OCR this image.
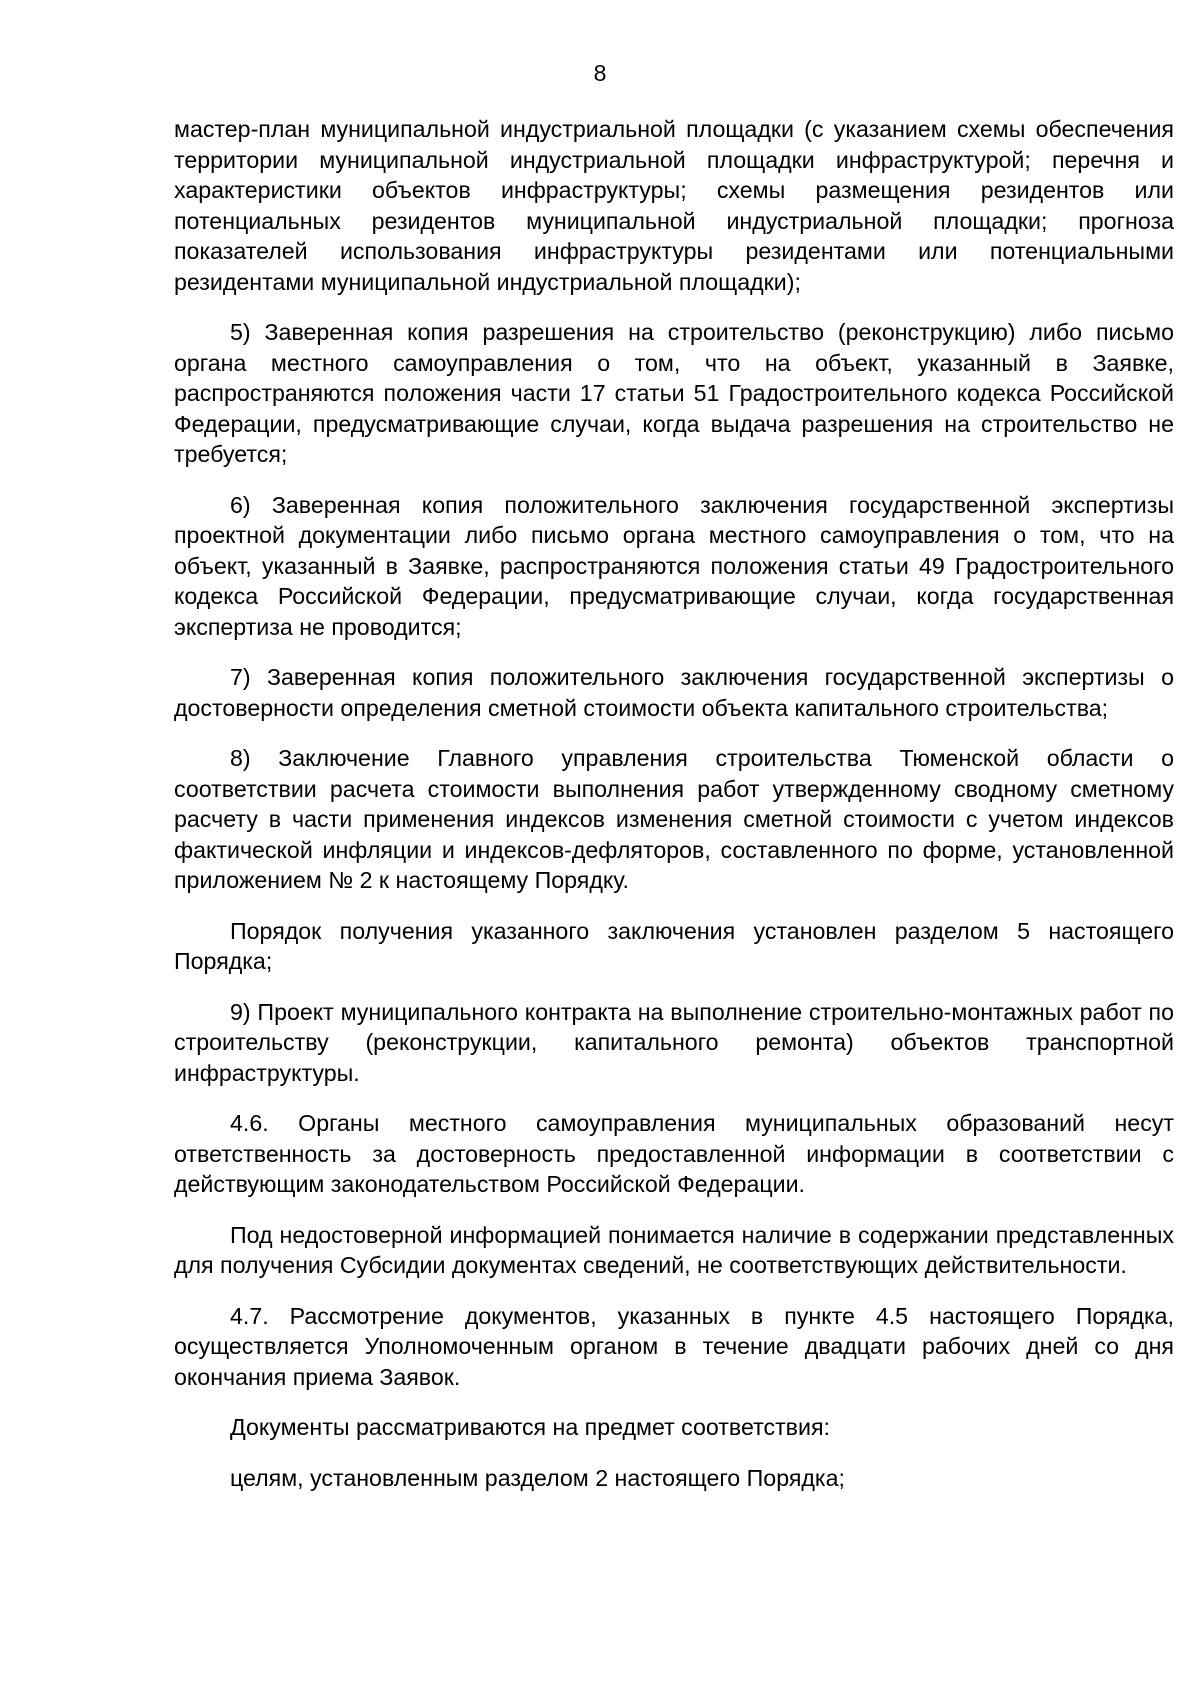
8

мастер-план муниципальной индустриальной площадки (с указанием схемы обеспечения территории муниципальной индустриальной площадки инфраструктурой; перечня и характеристики объектов инфраструктуры; схемы размещения резидентов или потенциальных резидентов муниципальной индустриальной площадки; прогноза показателей использования инфраструктуры резидентами или потенциальными резидентами муниципальной индустриальной площадки);

5) Заверенная копия разрешения на строительство (реконструкцию) либо письмо органа местного самоуправления о том, что на объект, указанный в Заявке, распространяются положения части 17 статьи 51 Градостроительного кодекса Российской Федерации, предусматривающие случаи, когда выдача разрешения на строительство не требуется;

6) Заверенная копия положительного заключения государственной экспертизы проектной документации либо письмо органа местного самоуправления о том, что на объект, указанный в Заявке, распространяются положения статьи 49 Градостроительного кодекса Российской Федерации, предусматривающие случаи, когда государственная экспертиза не проводится;

7) Заверенная копия положительного заключения государственной экспертизы о достоверности определения сметной стоимости объекта капитального строительства;

8) Заключение Главного управления строительства Тюменской области о соответствии расчета стоимости выполнения работ утвержденному сводному сметному расчету в части применения индексов изменения сметной стоимости с учетом индексов фактической инфляции и индексов-дефляторов, составленного по форме, установленной приложением № 2 к настоящему Порядку.

Порядок получения указанного заключения установлен разделом 5 настоящего Порядка;

9) Проект муниципального контракта на выполнение строительно-монтажных работ по строительству (реконструкции, капитального ремонта) объектов транспортной инфраструктуры.

4.6. Органы местного самоуправления муниципальных образований несут ответственность за достоверность предоставленной информации в соответствии с действующим законодательством Российской Федерации.

Под недостоверной информацией понимается наличие в содержании представленных для получения Субсидии документах сведений, не соответствующих действительности.

4.7. Рассмотрение документов, указанных в пункте 4.5 настоящего Порядка, осуществляется Уполномоченным органом в течение двадцати рабочих дней со дня окончания приема Заявок.

Документы рассматриваются на предмет соответствия:

целям, установленным разделом 2 настоящего Порядка;
